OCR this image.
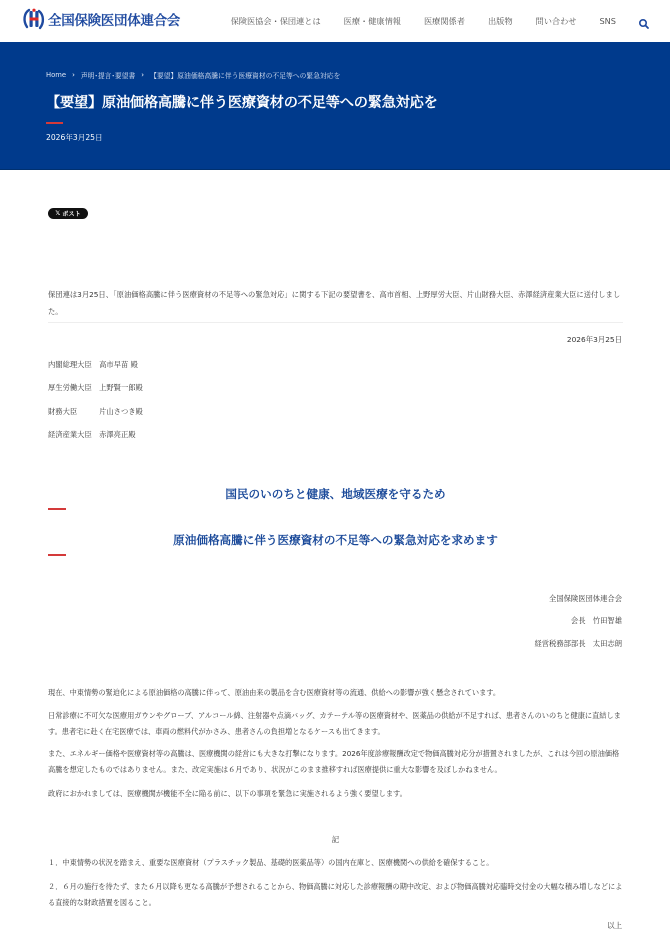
全国保険医団体連合会	保険医協会・保団連とは	医療・健康情報	医療関係者	出版物	問い合わせ	SNS
Home › 声明･提言･要望書 › 【要望】原油価格高騰に伴う医療資材の不足等への緊急対応を
【要望】原油価格高騰に伴う医療資材の不足等への緊急対応を
2026年3月25日
𝕏 ポスト

保団連は3月25日、「原油価格高騰に伴う医療資材の不足等への緊急対応」に関する下記の要望書を、高市首相、上野厚労大臣、片山財務大臣、赤澤経済産業大臣に送付しました。

2026年3月25日
内閣総理大臣　高市早苗 殿
厚生労働大臣　上野賢一郎殿
財務大臣　　　片山さつき殿
経済産業大臣　赤澤亮正殿
国民のいのちと健康、地域医療を守るため
原油価格高騰に伴う医療資材の不足等への緊急対応を求めます
全国保険医団体連合会
会長　竹田智雄
経営税務部部長　太田志朗

現在、中東情勢の緊迫化による原油価格の高騰に伴って、原油由来の製品を含む医療資材等の流通、供給への影響が強く懸念されています。

日常診療に不可欠な医療用ガウンやグローブ、アルコール綿、注射器や点滴バッグ、カテーテル等の医療資材や、医薬品の供給が不足すれば、患者さんのいのちと健康に直結します。患者宅に赴く在宅医療では、車両の燃料代がかさみ、患者さんの負担増となるケースも出てきます。

また、エネルギー価格や医療資材等の高騰は、医療機関の経営にも大きな打撃になります。2026年度診療報酬改定で物価高騰対応分が措置されましたが、これは今回の原油価格高騰を想定したものではありません。また、改定実施は６月であり、状況がこのまま推移すれば医療提供に重大な影響を及ぼしかねません。

政府におかれましては、医療機関が機能不全に陥る前に、以下の事項を緊急に実施されるよう強く要望します。

記

１．中東情勢の状況を踏まえ、重要な医療資材（プラスチック製品、基礎的医薬品等）の国内在庫と、医療機関への供給を確保すること。

２．６月の施行を待たず、また６月以降も更なる高騰が予想されることから、物価高騰に対応した診療報酬の期中改定、および物価高騰対応臨時交付金の大幅な積み増しなどによる直接的な財政措置を図ること。

以上
